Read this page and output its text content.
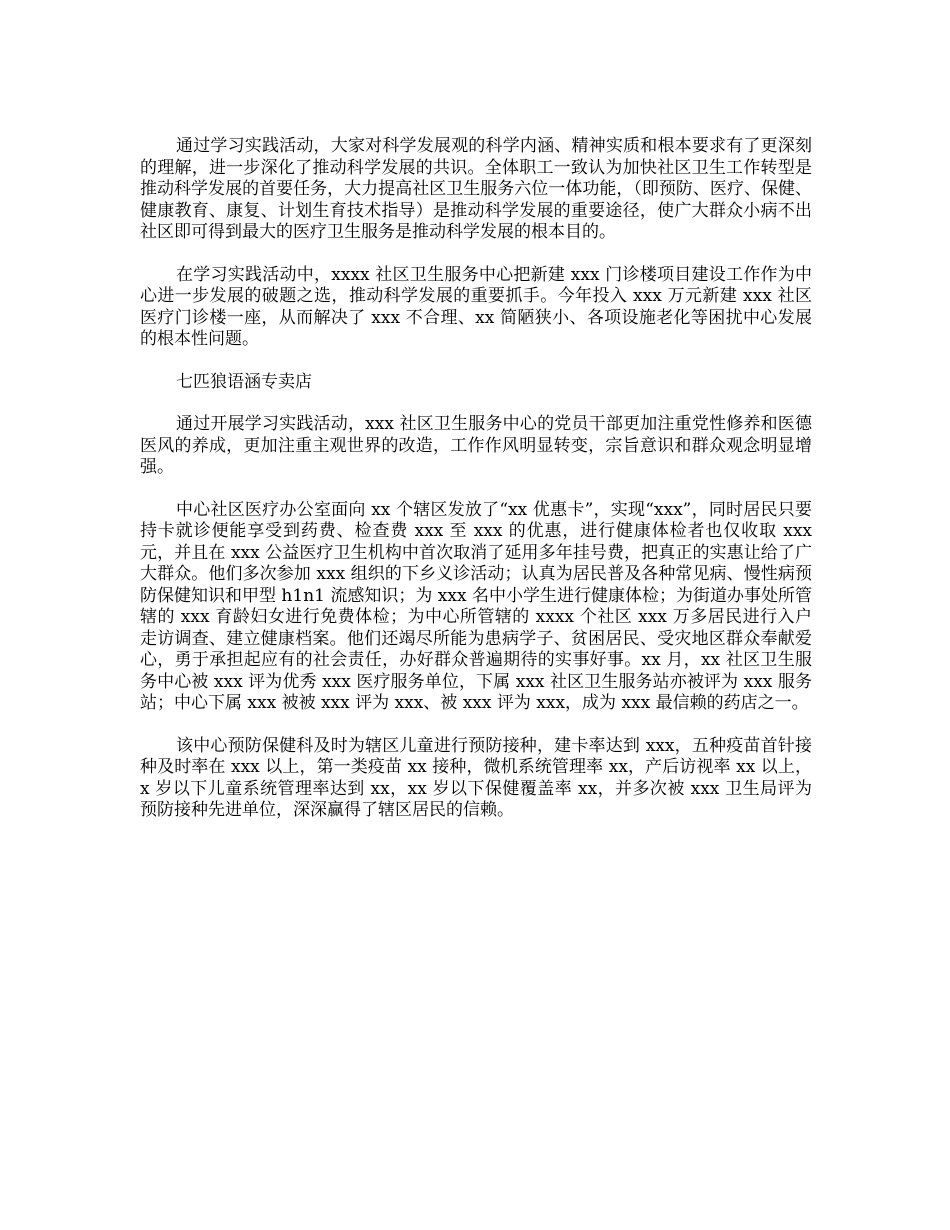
通过学习实践活动，大家对科学发展观的科学内涵、精神实质和根本要求有了更深刻的理解，进一步深化了推动科学发展的共识。全体职工一致认为加快社区卫生工作转型是推动科学发展的首要任务，大力提高社区卫生服务六位一体功能，（即预防、医疗、保健、健康教育、康复、计划生育技术指导）是推动科学发展的重要途径，使广大群众小病不出社区即可得到最大的医疗卫生服务是推动科学发展的根本目的。

在学习实践活动中，xxxx 社区卫生服务中心把新建 xxx 门诊楼项目建设工作作为中心进一步发展的破题之选，推动科学发展的重要抓手。今年投入 xxx 万元新建 xxx 社区医疗门诊楼一座，从而解决了 xxx 不合理、xx 简陋狭小、各项设施老化等困扰中心发展的根本性问题。

七匹狼语涵专卖店

通过开展学习实践活动，xxx 社区卫生服务中心的党员干部更加注重党性修养和医德医风的养成，更加注重主观世界的改造，工作作风明显转变，宗旨意识和群众观念明显增强。

中心社区医疗办公室面向 xx 个辖区发放了“xx 优惠卡”，实现“xxx”，同时居民只要持卡就诊便能享受到药费、检查费 xxx 至 xxx 的优惠，进行健康体检者也仅收取 xxx 元，并且在 xxx 公益医疗卫生机构中首次取消了延用多年挂号费，把真正的实惠让给了广大群众。他们多次参加 xxx 组织的下乡义诊活动；认真为居民普及各种常见病、慢性病预防保健知识和甲型 h1n1 流感知识；为 xxx 名中小学生进行健康体检；为街道办事处所管辖的 xxx 育龄妇女进行免费体检；为中心所管辖的 xxxx 个社区 xxx 万多居民进行入户走访调查、建立健康档案。他们还竭尽所能为患病学子、贫困居民、受灾地区群众奉献爱心，勇于承担起应有的社会责任，办好群众普遍期待的实事好事。xx 月，xx 社区卫生服务中心被 xxx 评为优秀 xxx 医疗服务单位，下属 xxx 社区卫生服务站亦被评为 xxx 服务站；中心下属 xxx 被被 xxx 评为 xxx、被 xxx 评为 xxx，成为 xxx 最信赖的药店之一。

该中心预防保健科及时为辖区儿童进行预防接种，建卡率达到 xxx，五种疫苗首针接种及时率在 xxx 以上，第一类疫苗 xx 接种，微机系统管理率 xx，产后访视率 xx 以上，x 岁以下儿童系统管理率达到 xx，xx 岁以下保健覆盖率 xx，并多次被 xxx 卫生局评为预防接种先进单位，深深赢得了辖区居民的信赖。
